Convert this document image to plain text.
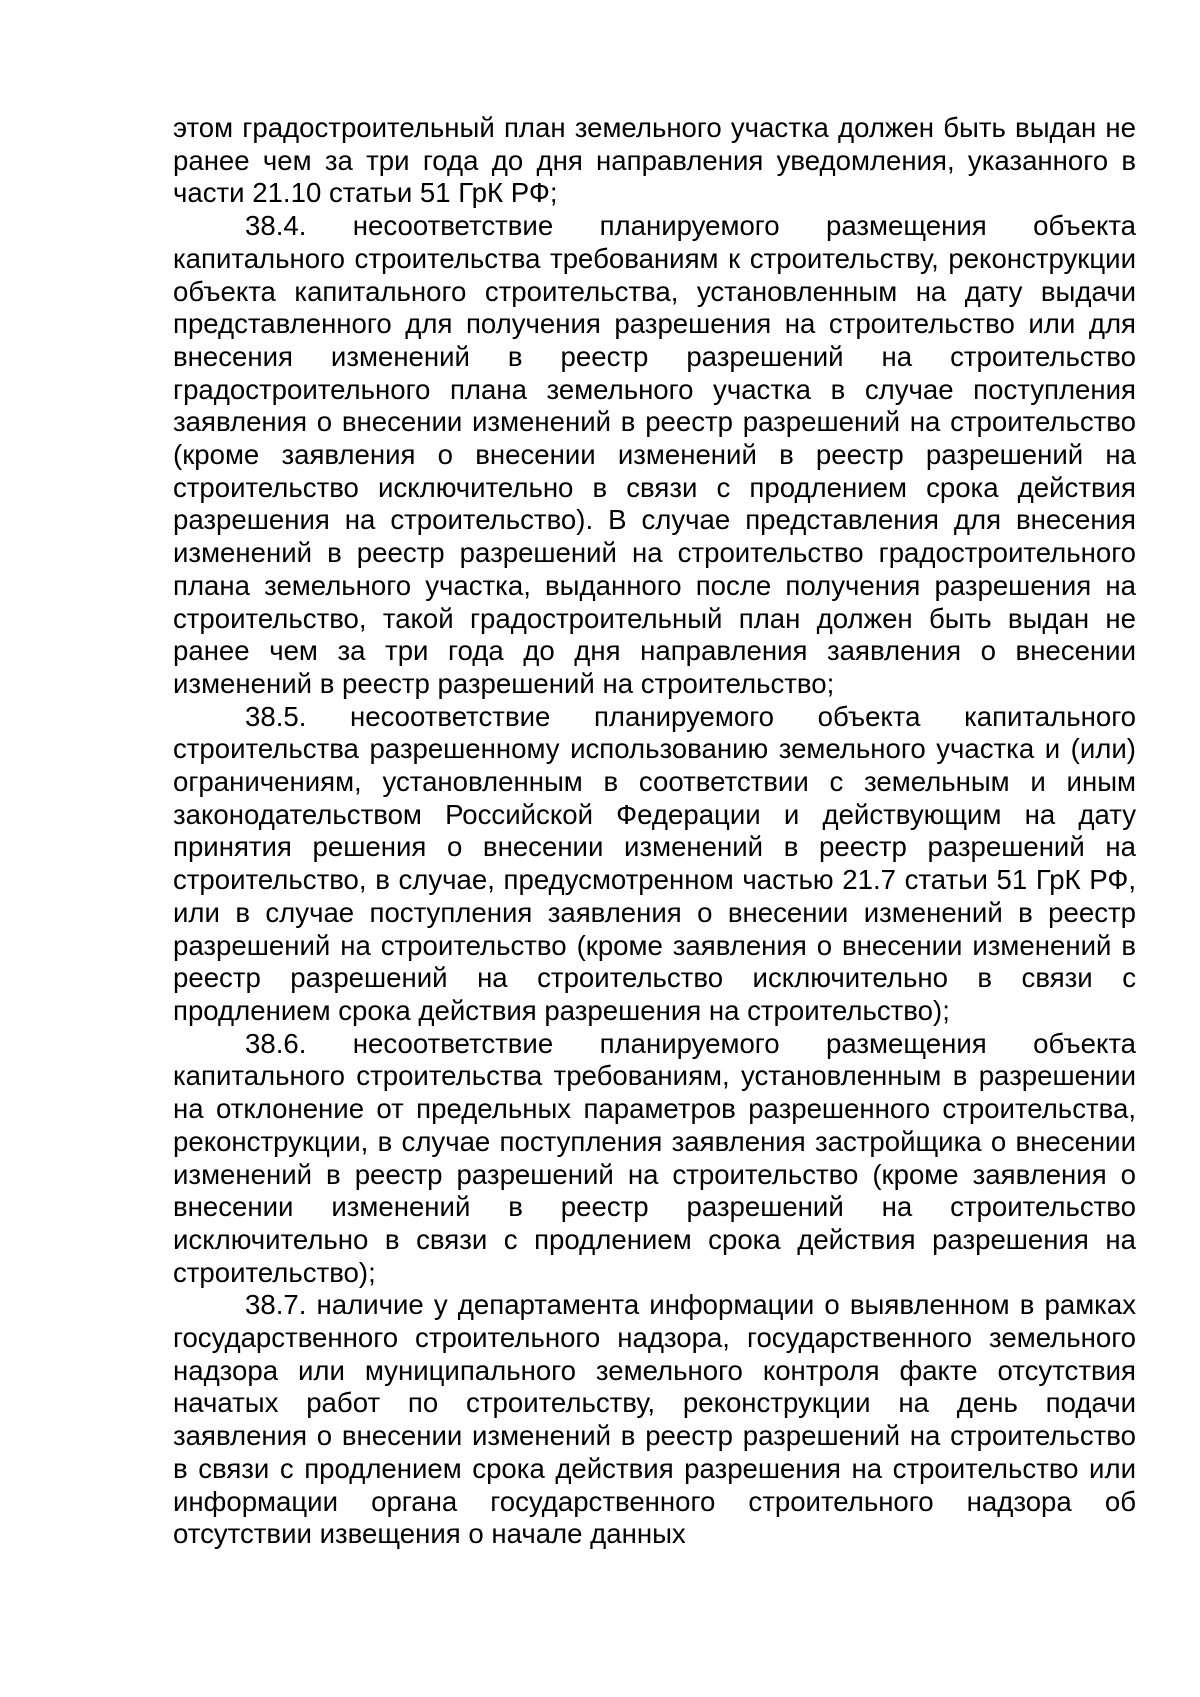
этом градостроительный план земельного участка должен быть выдан не ранее чем за три года до дня направления уведомления, указанного в части 21.10 статьи 51 ГрК РФ;

38.4. несоответствие планируемого размещения объекта капитального строительства требованиям к строительству, реконструкции объекта капитального строительства, установленным на дату выдачи представленного для получения разрешения на строительство или для внесения изменений в реестр разрешений на строительство градостроительного плана земельного участка в случае поступления заявления о внесении изменений в реестр разрешений на строительство (кроме заявления о внесении изменений в реестр разрешений на строительство исключительно в связи с продлением срока действия разрешения на строительство). В случае представления для внесения изменений в реестр разрешений на строительство градостроительного плана земельного участка, выданного после получения разрешения на строительство, такой градостроительный план должен быть выдан не ранее чем за три года до дня направления заявления о внесении изменений в реестр разрешений на строительство;

38.5. несоответствие планируемого объекта капитального строительства разрешенному использованию земельного участка и (или) ограничениям, установленным в соответствии с земельным и иным законодательством Российской Федерации и действующим на дату принятия решения о внесении изменений в реестр разрешений на строительство, в случае, предусмотренном частью 21.7 статьи 51 ГрК РФ, или в случае поступления заявления о внесении изменений в реестр разрешений на строительство (кроме заявления о внесении изменений в реестр разрешений на строительство исключительно в связи с продлением срока действия разрешения на строительство);

38.6. несоответствие планируемого размещения объекта капитального строительства требованиям, установленным в разрешении на отклонение от предельных параметров разрешенного строительства, реконструкции, в случае поступления заявления застройщика о внесении изменений в реестр разрешений на строительство (кроме заявления о внесении изменений в реестр разрешений на строительство исключительно в связи с продлением срока действия разрешения на строительство);

38.7. наличие у департамента информации о выявленном в рамках государственного строительного надзора, государственного земельного надзора или муниципального земельного контроля факте отсутствия начатых работ по строительству, реконструкции на день подачи заявления о внесении изменений в реестр разрешений на строительство в связи с продлением срока действия разрешения на строительство или информации органа государственного строительного надзора об отсутствии извещения о начале данных
